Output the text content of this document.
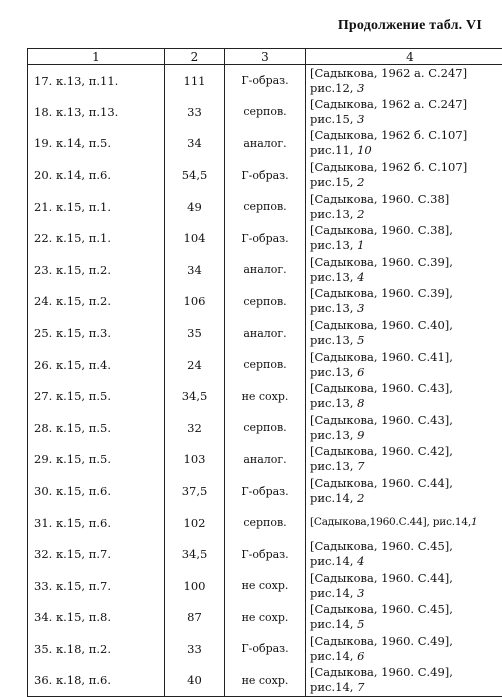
Продолжение табл. VI
1	2	3	4
17. к.13, п.11.	111	Г-образ.	[Садыкова, 1962 а. С.247]
рис.12, 3

18. к.13, п.13.	33	серпов.	[Садыкова, 1962 а. С.247]
рис.15, 3

19. к.14, п.5.	34	аналог.	[Садыкова, 1962 б. С.107]
рис.11, 10

20. к.14, п.6.	54,5	Г-образ.	[Садыкова, 1962 б. С.107]
рис.15, 2

21. к.15, п.1.	49	серпов.	[Садыкова, 1960. С.38]
рис.13, 2

22. к.15, п.1.	104	Г-образ.	[Садыкова, 1960. С.38],
рис.13, 1

23. к.15, п.2.	34	аналог.	[Садыкова, 1960. С.39],
рис.13, 4

24. к.15, п.2.	106	серпов.	[Садыкова, 1960. С.39],
рис.13, 3

25. к.15, п.3.	35	аналог.	[Садыкова, 1960. С.40],
рис.13, 5

26. к.15, п.4.	24	серпов.	[Садыкова, 1960. С.41],
рис.13, 6

27. к.15, п.5.	34,5	не сохр.	[Садыкова, 1960. С.43],
рис.13, 8

28. к.15, п.5.	32	серпов.	[Садыкова, 1960. С.43],
рис.13, 9

29. к.15, п.5.	103	аналог.	[Садыкова, 1960. С.42],
рис.13, 7

30. к.15, п.6.	37,5	Г-образ.	[Садыкова, 1960. С.44],
рис.14, 2

31. к.15, п.6.	102	серпов.	[Садыкова,1960.С.44], рис.14,1
32. к.15, п.7.	34,5	Г-образ.	[Садыкова, 1960. С.45],
рис.14, 4

33. к.15, п.7.	100	не сохр.	[Садыкова, 1960. С.44],
рис.14, 3

34. к.15, п.8.	87	не сохр.	[Садыкова, 1960. С.45],
рис.14, 5

35. к.18, п.2.	33	Г-образ.	[Садыкова, 1960. С.49],
рис.14, 6

36. к.18, п.6.	40	не сохр.	[Садыкова, 1960. С.49],
рис.14, 7
